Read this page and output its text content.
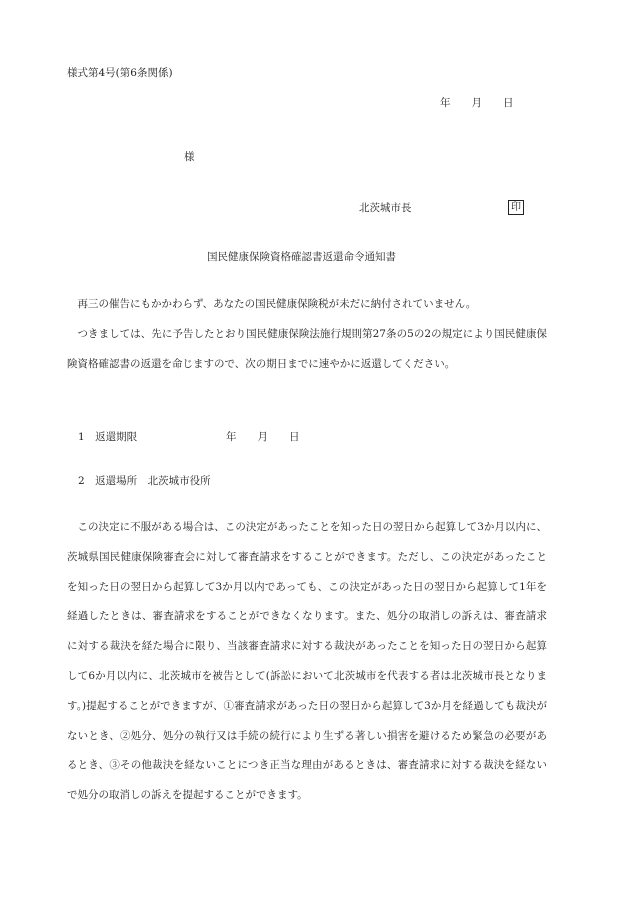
様式第4号(第6条関係)
年　　月　　日
様
北茨城市長	印
国民健康保険資格確認書返還命令通知書

再三の催告にもかかわらず、あなたの国民健康保険税が未だに納付されていません。

つきましては、先に予告したとおり国民健康保険法施行規則第27条の5の2の規定により国民健康保険資格確認書の返還を命じますので、次の期日までに速やかに返還してください。

1　返還期限	年　　月　　日
2　返還場所　北茨城市役所

この決定に不服がある場合は、この決定があったことを知った日の翌日から起算して3か月以内に、茨城県国民健康保険審査会に対して審査請求をすることができます。ただし、この決定があったことを知った日の翌日から起算して3か月以内であっても、この決定があった日の翌日から起算して1年を経過したときは、審査請求をすることができなくなります。また、処分の取消しの訴えは、審査請求に対する裁決を経た場合に限り、当該審査請求に対する裁決があったことを知った日の翌日から起算して6か月以内に、北茨城市を被告として(訴訟において北茨城市を代表する者は北茨城市長となります。)提起することができますが、①審査請求があった日の翌日から起算して3か月を経過しても裁決がないとき、②処分、処分の執行又は手続の続行により生ずる著しい損害を避けるため緊急の必要があるとき、③その他裁決を経ないことにつき正当な理由があるときは、審査請求に対する裁決を経ないで処分の取消しの訴えを提起することができます。
